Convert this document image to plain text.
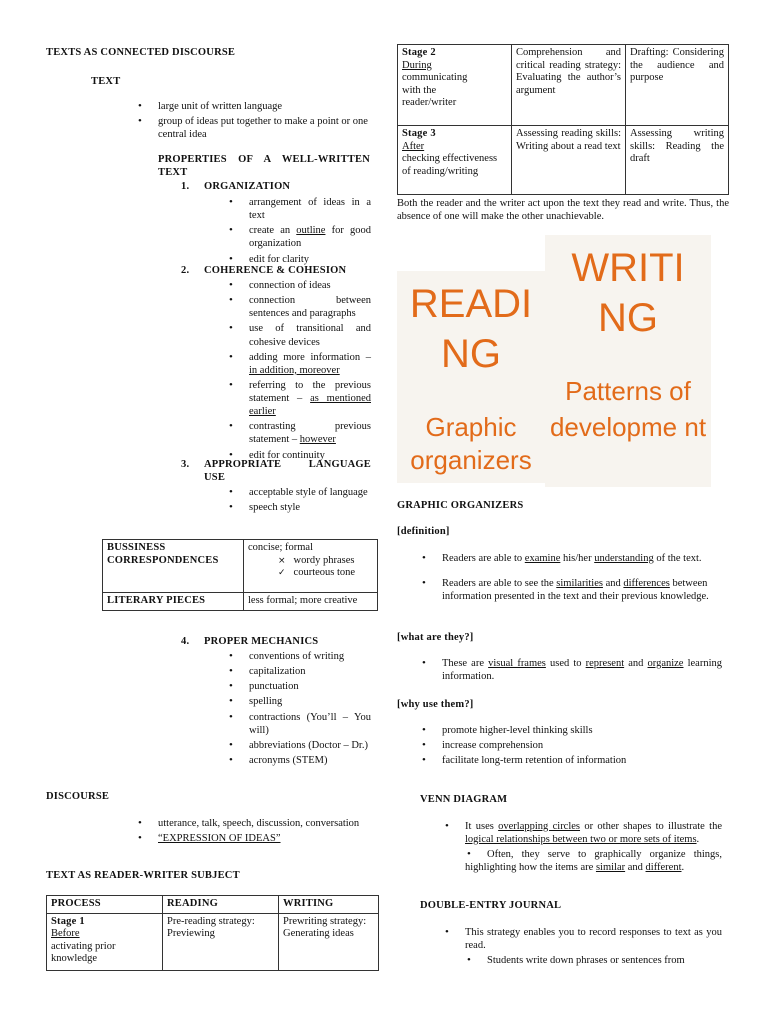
TEXTS AS CONNECTED DISCOURSE
TEXT
• large unit of written language
• group of ideas put together to make a point or one central idea
PROPERTIES OF A WELL-WRITTEN TEXT
1. ORGANIZATION
• arrangement of ideas in a text
• create an outline for good organization
• edit for clarity
2. COHERENCE & COHESION
• connection of ideas
• connection between sentences and paragraphs
• use of transitional and cohesive devices
• adding more information – in addition, moreover
• referring to the previous statement – as mentioned earlier
• contrasting previous statement – however
• edit for continuity
3. APPROPRIATE LANGUAGE USE
• acceptable style of language
• speech style
BUSSINESS CORRESPONDENCES	concise; formal
× wordy phrases
✓ courteous tone

LITERARY PIECES	less formal; more creative
4. PROPER MECHANICS
• conventions of writing
• capitalization
• punctuation
• spelling
• contractions (You’ll – You will)
• abbreviations (Doctor – Dr.)
• acronyms (STEM)
DISCOURSE
• utterance, talk, speech, discussion, conversation
• “EXPRESSION OF IDEAS”
TEXT AS READER-WRITER SUBJECT
PROCESS	READING	WRITING

Stage 1
Before
activating prior knowledge	Pre-reading strategy: Previewing	Prewriting strategy: Generating ideas
Stage 2
During
communicating with the reader/writer	Comprehension and critical reading strategy: Evaluating the author’s argument	Drafting: Considering the audience and purpose

Stage 3
After
checking effectiveness of reading/writing	Assessing reading skills: Writing about a read text	Assessing writing skills: Reading the draft
Both the reader and the writer act upon the text they read and write. Thus, the absence of one will make the other unachievable.
READI NG
Graphic organizers
WRITI NG
Patterns of developme nt
GRAPHIC ORGANIZERS
[definition]
• Readers are able to examine his/her understanding of the text.
• Readers are able to see the similarities and differences between information presented in the text and their previous knowledge.
[what are they?]
• These are visual frames used to represent and organize learning information.
[why use them?]
• promote higher-level thinking skills
• increase comprehension
• facilitate long-term retention of information
VENN DIAGRAM
• It uses overlapping circles or other shapes to illustrate the logical relationships between two or more sets of items.
• Often, they serve to graphically organize things, highlighting how the items are similar and different.
DOUBLE-ENTRY JOURNAL
• This strategy enables you to record responses to text as you read.
• Students write down phrases or sentences from
